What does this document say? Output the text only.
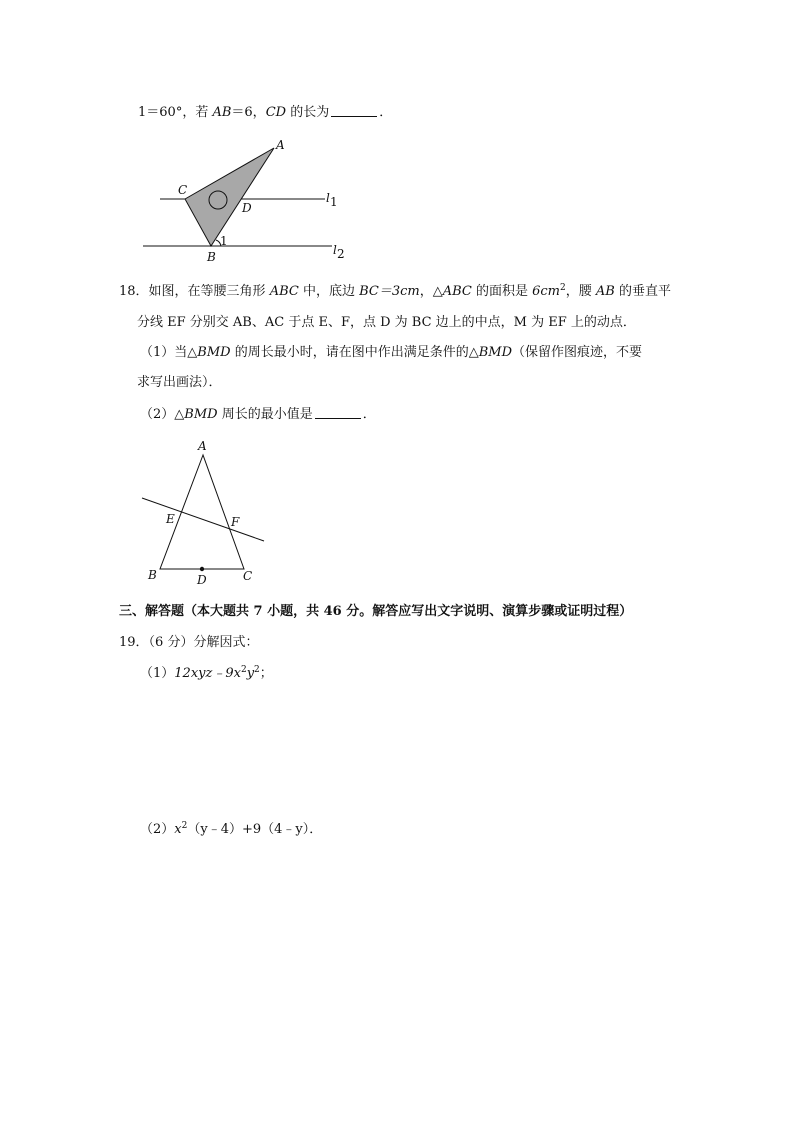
1＝60°，若 AB＝6，CD 的长为	．
A
C
D
1
B
l 1
l 2
18．如图，在等腰三角形 ABC 中，底边 BC＝3cm，△ABC 的面积是 $6cm^2$，腰 AB 的垂直平
分线 EF 分别交 AB、AC 于点 E、F，点 D 为 BC 边上的中点，M 为 EF 上的动点．
（1）当△BMD 的周长最小时，请在图中作出满足条件的△BMD（保留作图痕迹，不要
求写出画法）．
（2）△BMD 周长的最小值是	．
A
E	F
B	D	C
三、解答题（本大题共 7 小题，共 46 分。解答应写出文字说明、演算步骤或证明过程）
19．（6 分）分解因式：
$(1)12xyz﹣9x^2y^2$；
$(2)x^2(y﹣4)+9(4﹣y)$．
